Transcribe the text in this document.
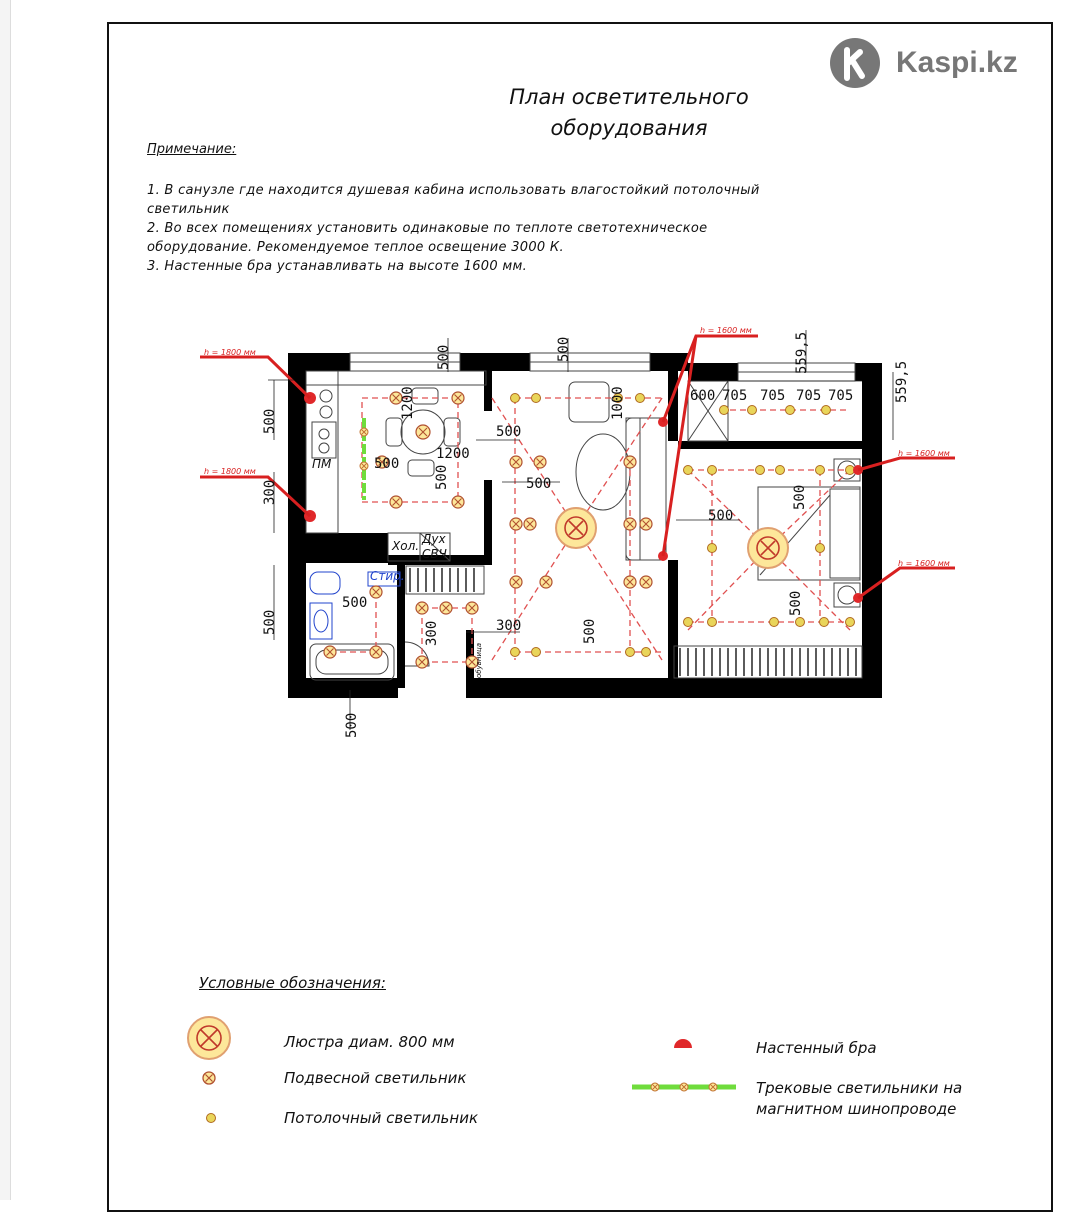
План осветительного
оборудования
Примечание:
1. В санузле где находится душевая кабина использовать влагостойкий потолочный
светильник
2. Во всех помещениях установить одинаковые по теплоте светотехническое
оборудование. Рекомендуемое теплое освещение 3000 К.
3. Настенные бра устанавливать на высоте 1600 мм.
Условные обозначения:
Kaspi.kz
500	500	559,5
559,5
500
300
500
500
1200
1200
500
500
500	500
1000
500
300	300	500
600 705 705 705 705
500
500
500
ПМ
Хол. Дух
СВЧ
Стир.
обувница
h = 1800 мм
h = 1800 мм
h = 1600 мм
h = 1600 мм
h = 1600 мм
Люстра диам. 800 мм
Подвесной светильник
Потолочный светильник
Настенный бра
Трековые светильники на
магнитном шинопроводе
